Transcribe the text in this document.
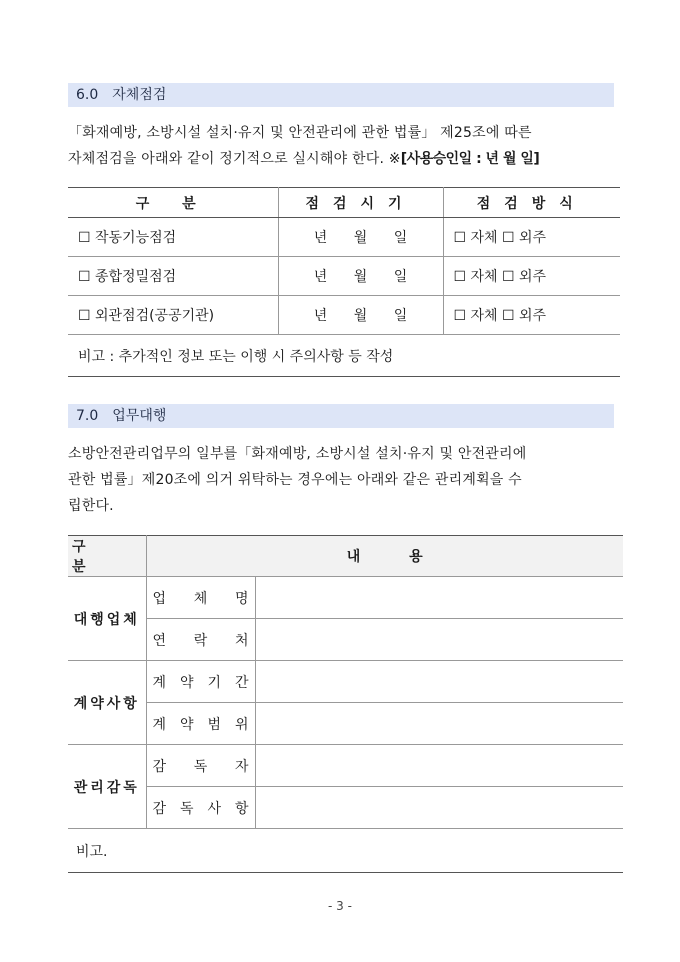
6.0 자체점검
「화재예방, 소방시설 설치·유지 및 안전관리에 관한 법률」 제25조에 따른
자체점검을 아래와 같이 정기적으로 실시해야 한다. ※[사용승인일 : 년 월 일]
구 분	점검시기	점검방식
☐ 작동기능점검	년 월 일	☐ 자체 ☐ 외주
☐ 종합정밀점검	년 월 일	☐ 자체 ☐ 외주
☐ 외관점검(공공기관)	년 월 일	☐ 자체 ☐ 외주
비고 : 추가적인 정보 또는 이행 시 주의사항 등 작성		
7.0 업무대행
소방안전관리업무의 일부를「화재예방, 소방시설 설치·유지 및 안전관리에
관한 법률」제20조에 의거 위탁하는 경우에는 아래와 같은 관리계획을 수
립한다.
구 분	내 용	
대행업체	업 체 명	

	연 락 처	

계약사항	계 약 기 간	

	계 약 범 위	

관리감독	감 독 자	

	감 독 사 항	

비고.		
- 3 -
